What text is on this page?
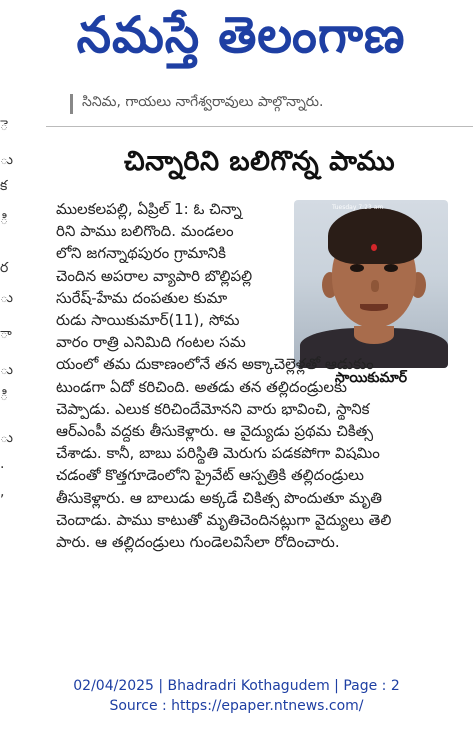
నమస్తే తెలంగాణ
ె
ు
క
ి
ర
ు
ా
ు
ి
ు
.
,
సినిమ, గాయలు నాగేశ్వరావులు పాల్గొన్నారు.
చిన్నారిని బలిగొన్న పాము
Tuesday 7:23 am
సాయికుమార్
ములకలపల్లి, ఏప్రిల్ 1: ఓ చిన్నా
రిని పాము బలిగొంది. మండలం
లోని జగన్నాథపురం గ్రామానికి
చెందిన అపరాల వ్యాపారి బొల్లిపల్లి
సురేష్-హేమ దంపతుల కుమా
రుడు సాయికుమార్(11), సోమ
వారం రాత్రి ఎనిమిది గంటల సమ
యంలో తమ దుకాణంలోనే తన అక్కాచెల్లెళ్లతో ఆడుకుం
టుండగా ఏదో కరిచింది. అతడు తన తల్లిదండ్రులకు
చెప్పాడు. ఎలుక కరిచిందేమోనని వారు భావించి, స్థానిక
ఆర్ఎంపీ వద్దకు తీసుకెళ్లారు. ఆ వైద్యుడు ప్రథమ చికిత్స
చేశాడు. కానీ, బాబు పరిస్థితి మెరుగు పడకపోగా విషమిం
చడంతో కొత్తగూడెంలోని ప్రైవేట్ ఆస్పత్రికి తల్లిదండ్రులు
తీసుకెళ్లారు. ఆ బాలుడు అక్కడే చికిత్స పొందుతూ మృతి
చెందాడు. పాము కాటుతో మృతిచెందినట్లుగా వైద్యులు తెలి
పారు. ఆ తల్లిదండ్రులు గుండెలవిసేలా రోదించారు.
02/04/2025 | Bhadradri Kothagudem | Page : 2
Source : https://epaper.ntnews.com/
